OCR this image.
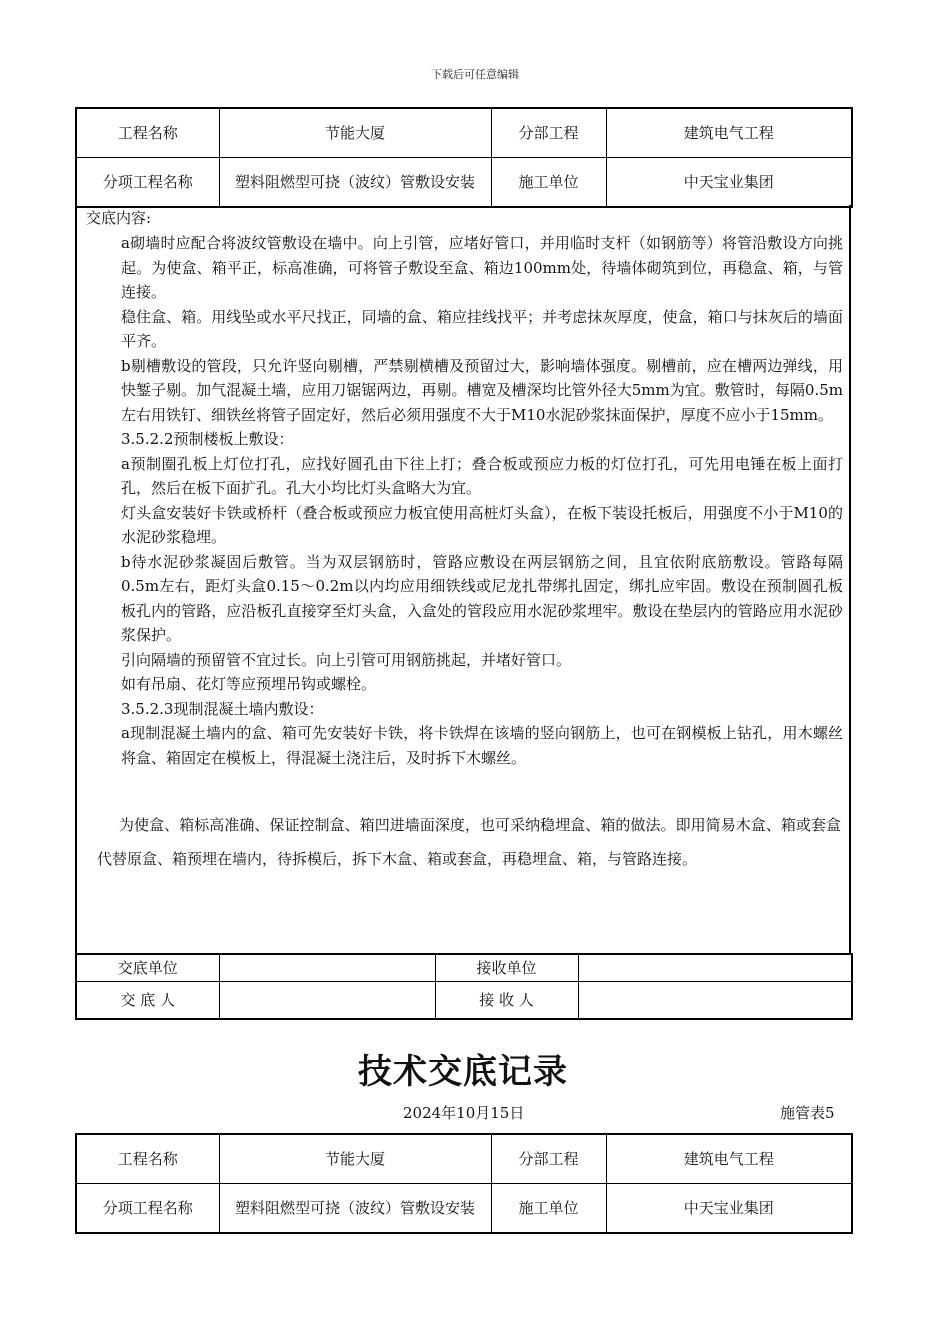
下载后可任意编辑
工程名称	节能大厦	分部工程	建筑电气工程
分项工程名称	塑料阻燃型可挠（波纹）管敷设安装	施工单位	中天宝业集团
交底内容:

a砌墙时应配合将波纹管敷设在墙中。向上引管，应堵好管口，并用临时支杆（如钢筋等）将管沿敷设方向挑起。为使盒、箱平正，标高准确，可将管子敷设至盒、箱边100mm处，待墙体砌筑到位，再稳盒、箱，与管连接。

稳住盒、箱。用线坠或水平尺找正，同墙的盒、箱应挂线找平；并考虑抹灰厚度，使盒，箱口与抹灰后的墙面平齐。

b剔槽敷设的管段，只允许竖向剔槽，严禁剔横槽及预留过大，影响墙体强度。剔槽前，应在槽两边弹线，用快錾子剔。加气混凝土墙，应用刀锯锯两边，再剔。槽宽及槽深均比管外径大5mm为宜。敷管时，每隔0.5m左右用铁钉、细铁丝将管子固定好，然后必须用强度不大于M10水泥砂浆抹面保护，厚度不应小于15mm。

3.5.2.2预制楼板上敷设：

a预制圈孔板上灯位打孔，应找好圆孔由下往上打；叠合板或预应力板的灯位打孔，可先用电锤在板上面打孔，然后在板下面扩孔。孔大小均比灯头盒略大为宜。

灯头盒安装好卡铁或桥杆（叠合板或预应力板宜使用高桩灯头盒），在板下装设托板后，用强度不小于M10的水泥砂浆稳埋。

b待水泥砂浆凝固后敷管。当为双层钢筋时，管路应敷设在两层钢筋之间，且宜依附底筋敷设。管路每隔0.5m左右，距灯头盒0.15～0.2m以内均应用细铁线或尼龙扎带绑扎固定，绑扎应牢固。敷设在预制圆孔板板孔内的管路，应沿板孔直接穿至灯头盒，入盒处的管段应用水泥砂浆埋牢。敷设在垫层内的管路应用水泥砂浆保护。

引向隔墙的预留管不宜过长。向上引管可用钢筋挑起，并堵好管口。

如有吊扇、花灯等应预埋吊钩或螺栓。

3.5.2.3现制混凝土墙内敷设：

a现制混凝土墙内的盒、箱可先安装好卡铁，将卡铁焊在该墙的竖向钢筋上，也可在钢模板上钻孔，用木螺丝将盒、箱固定在模板上，得混凝土浇注后，及时拆下木螺丝。

为使盒、箱标高准确、保证控制盒、箱凹进墙面深度，也可采纳稳埋盒、箱的做法。即用简易木盒、箱或套盒代替原盒、箱预埋在墙内，待拆模后，拆下木盒、箱或套盒，再稳埋盒、箱，与管路连接。

交底单位		接收单位	
交 底 人		接 收 人	
技术交底记录
2024年10月15日	施管表5
工程名称	节能大厦	分部工程	建筑电气工程
分项工程名称	塑料阻燃型可挠（波纹）管敷设安装	施工单位	中天宝业集团
